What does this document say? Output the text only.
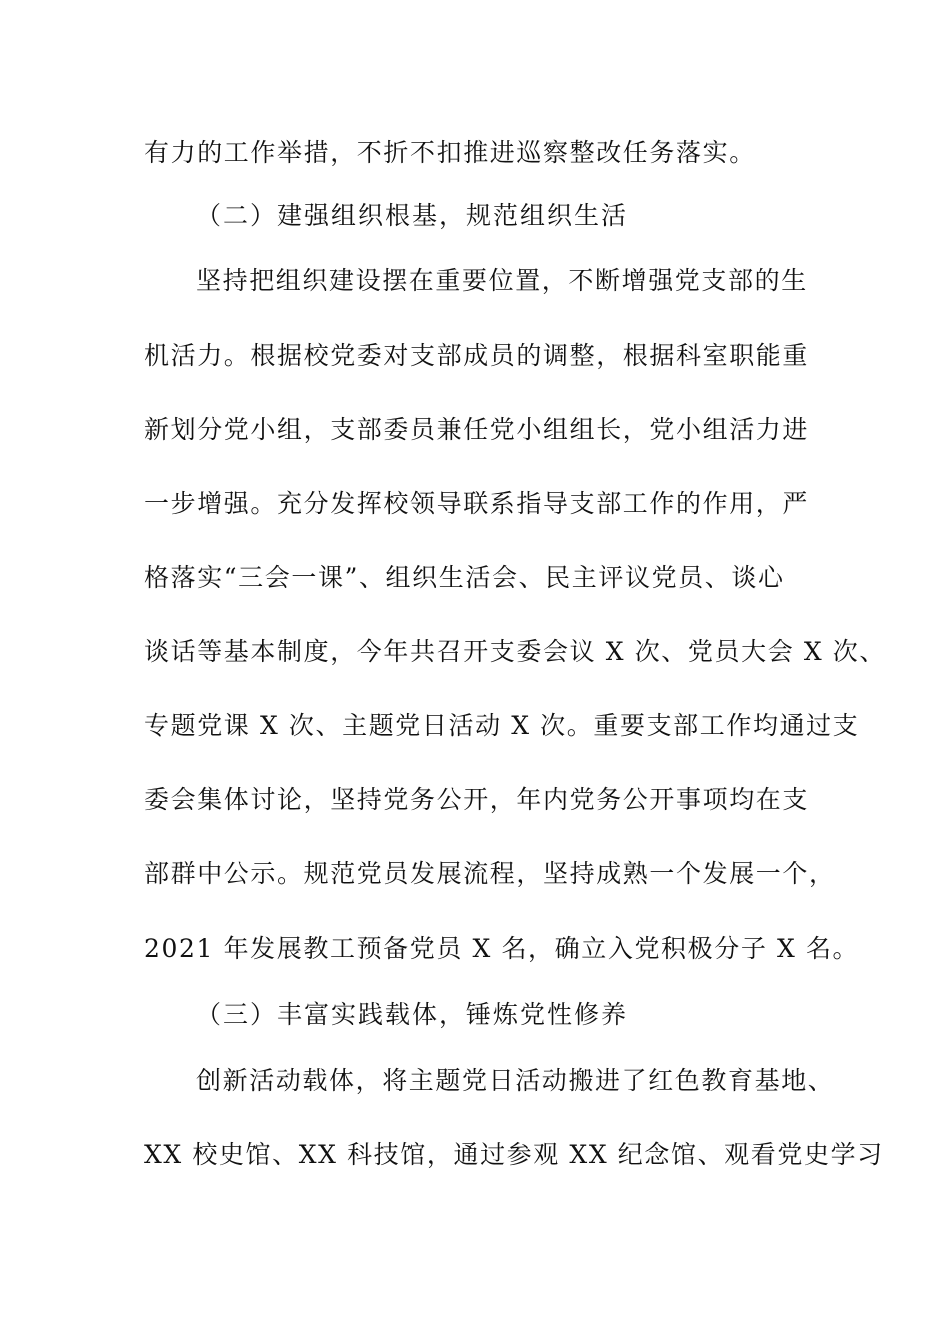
有力的工作举措，不折不扣推进巡察整改任务落实。
（二）建强组织根基，规范组织生活
坚持把组织建设摆在重要位置，不断增强党支部的生
机活力。根据校党委对支部成员的调整，根据科室职能重
新划分党小组，支部委员兼任党小组组长，党小组活力进
一步增强。充分发挥校领导联系指导支部工作的作用，严
格落实“三会一课”、组织生活会、民主评议党员、谈心
谈话等基本制度，今年共召开支委会议 X 次、党员大会 X 次、
专题党课 X 次、主题党日活动 X 次。重要支部工作均通过支
委会集体讨论，坚持党务公开，年内党务公开事项均在支
部群中公示。规范党员发展流程，坚持成熟一个发展一个，
2021 年发展教工预备党员 X 名，确立入党积极分子 X 名。
（三）丰富实践载体，锤炼党性修养
创新活动载体，将主题党日活动搬进了红色教育基地、
XX 校史馆、XX 科技馆，通过参观 XX 纪念馆、观看党史学习
